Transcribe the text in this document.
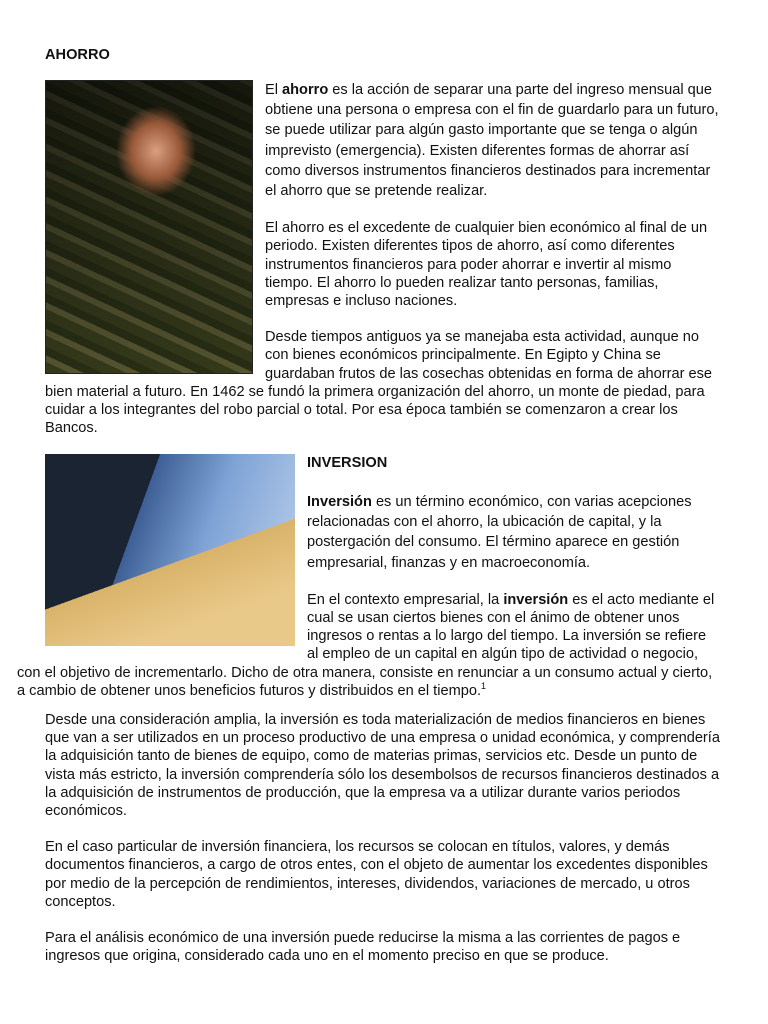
AHORRO

El ahorro es la acción de separar una parte del ingreso mensual que obtiene una persona o empresa con el fin de guardarlo para un futuro, se puede utilizar para algún gasto importante que se tenga o algún imprevisto (emergencia). Existen diferentes formas de ahorrar así como diversos instrumentos financieros destinados para incrementar el ahorro que se pretende realizar.

El ahorro es el excedente de cualquier bien económico al final de un periodo. Existen diferentes tipos de ahorro, así como diferentes instrumentos financieros para poder ahorrar e invertir al mismo tiempo. El ahorro lo pueden realizar tanto personas, familias, empresas e incluso naciones.

Desde tiempos antiguos ya se manejaba esta actividad, aunque no con bienes económicos principalmente. En Egipto y China se guardaban frutos de las cosechas obtenidas en forma de ahorrar ese bien material a futuro. En 1462 se fundó la primera organización del ahorro, un monte de piedad, para cuidar a los integrantes del robo parcial o total. Por esa época también se comenzaron a crear los Bancos.

INVERSION

Inversión es un término económico, con varias acepciones relacionadas con el ahorro, la ubicación de capital, y la postergación del consumo. El término aparece en gestión empresarial, finanzas y en macroeconomía.

En el contexto empresarial, la inversión es el acto mediante el cual se usan ciertos bienes con el ánimo de obtener unos ingresos o rentas a lo largo del tiempo. La inversión se refiere al empleo de un capital en algún tipo de actividad o negocio, con el objetivo de incrementarlo. Dicho de otra manera, consiste en renunciar a un consumo actual y cierto, a cambio de obtener unos beneficios futuros y distribuidos en el tiempo.$^1$

Desde una consideración amplia, la inversión es toda materialización de medios financieros en bienes que van a ser utilizados en un proceso productivo de una empresa o unidad económica, y comprendería la adquisición tanto de bienes de equipo, como de materias primas, servicios etc. Desde un punto de vista más estricto, la inversión comprendería sólo los desembolsos de recursos financieros destinados a la adquisición de instrumentos de producción, que la empresa va a utilizar durante varios periodos económicos.

En el caso particular de inversión financiera, los recursos se colocan en títulos, valores, y demás documentos financieros, a cargo de otros entes, con el objeto de aumentar los excedentes disponibles por medio de la percepción de rendimientos, intereses, dividendos, variaciones de mercado, u otros conceptos.

Para el análisis económico de una inversión puede reducirse la misma a las corrientes de pagos e ingresos que origina, considerado cada uno en el momento preciso en que se produce.
